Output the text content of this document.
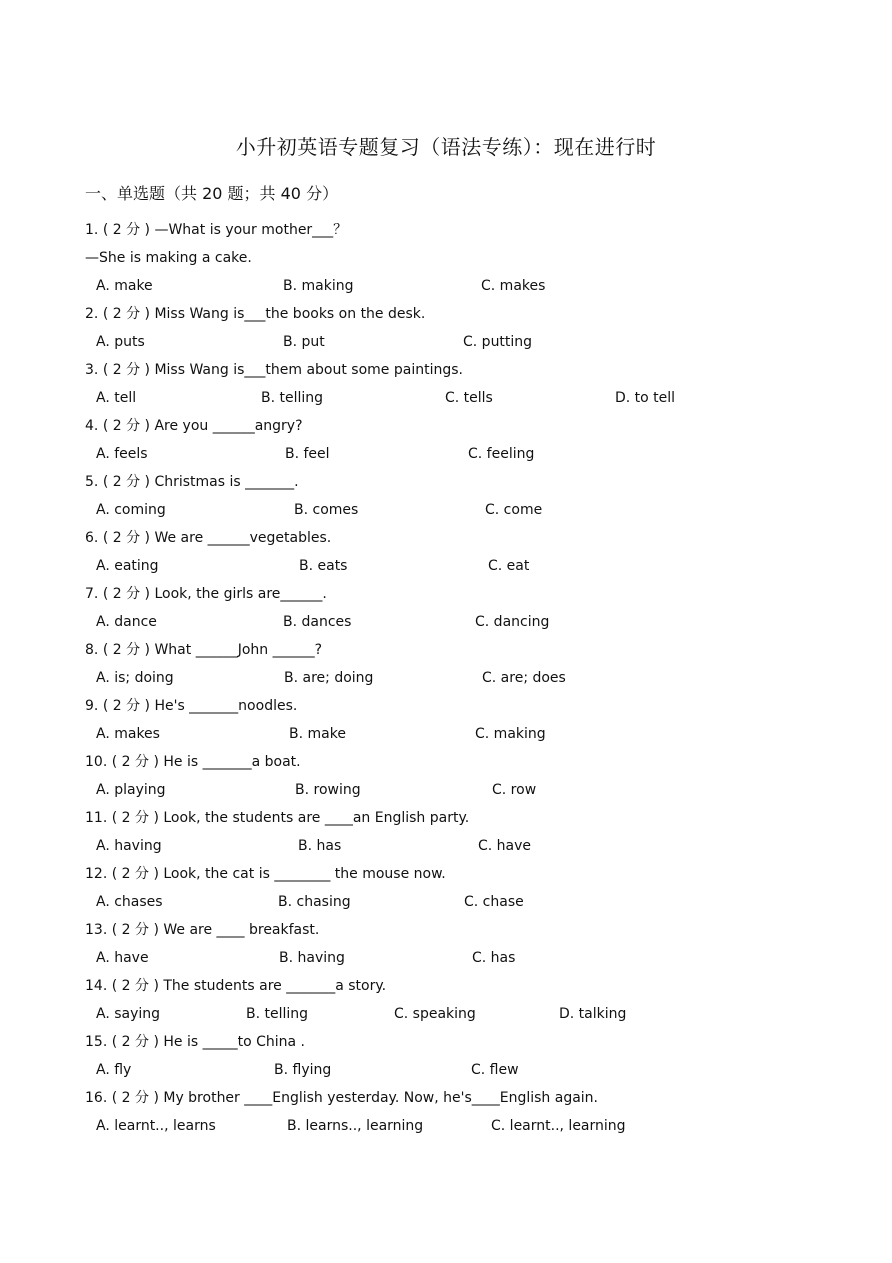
小升初英语专题复习（语法专练）：现在进行时
一、单选题（共 20 题；共 40 分）
1. ( 2 分 ) —What is your mother___？
—She is making a cake.
A. make	B. making	C. makes
2. ( 2 分 ) Miss Wang is___the books on the desk.
A. puts	B. put	C. putting
3. ( 2 分 ) Miss Wang is___them about some paintings.
A. tell	B. telling	C. tells	D. to tell
4. ( 2 分 ) Are you ______angry?
A. feels	B. feel	C. feeling
5. ( 2 分 ) Christmas is _______.
A. coming	B. comes	C. come
6. ( 2 分 ) We are ______vegetables.
A. eating	B. eats	C. eat
7. ( 2 分 ) Look, the girls are______.
A. dance	B. dances	C. dancing
8. ( 2 分 ) What ______John ______?
A. is; doing	B. are; doing	C. are; does
9. ( 2 分 ) He's _______noodles.
A. makes	B. make	C. making
10. ( 2 分 ) He is _______a boat.
A. playing	B. rowing	C. row
11. ( 2 分 ) Look, the students are ____an English party.
A. having	B. has	C. have
12. ( 2 分 ) Look, the cat is ________ the mouse now.
A. chases	B. chasing	C. chase
13. ( 2 分 ) We are ____ breakfast.
A. have	B. having	C. has
14. ( 2 分 ) The students are _______a story.
A. saying	B. telling	C. speaking	D. talking
15. ( 2 分 ) He is _____to China .
A. fly	B. flying	C. flew
16. ( 2 分 ) My brother ____English yesterday. Now, he's____English again.
A. learnt.., learns	B. learns.., learning	C. learnt.., learning
